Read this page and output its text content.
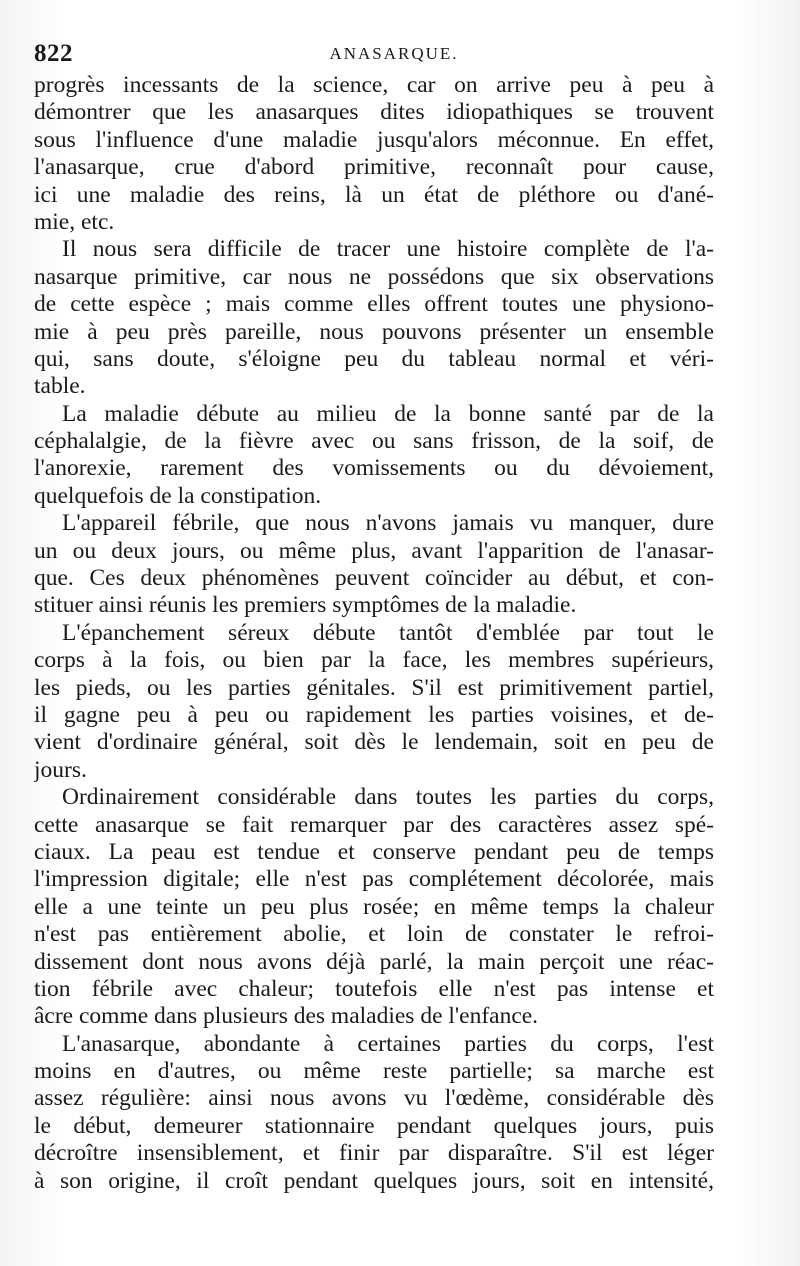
822	ANASARQUE.
progrès incessants de la science, car on arrive peu à peu à
démontrer que les anasarques dites idiopathiques se trouvent
sous l'influence d'une maladie jusqu'alors méconnue. En effet,
l'anasarque, crue d'abord primitive, reconnaît pour cause,
ici une maladie des reins, là un état de pléthore ou d'ané-
mie, etc.
Il nous sera difficile de tracer une histoire complète de l'a-
nasarque primitive, car nous ne possédons que six observations
de cette espèce ; mais comme elles offrent toutes une physiono-
mie à peu près pareille, nous pouvons présenter un ensemble
qui, sans doute, s'éloigne peu du tableau normal et véri-
table.
La maladie débute au milieu de la bonne santé par de la
céphalalgie, de la fièvre avec ou sans frisson, de la soif, de
l'anorexie, rarement des vomissements ou du dévoiement,
quelquefois de la constipation.
L'appareil fébrile, que nous n'avons jamais vu manquer, dure
un ou deux jours, ou même plus, avant l'apparition de l'anasar-
que. Ces deux phénomènes peuvent coïncider au début, et con-
stituer ainsi réunis les premiers symptômes de la maladie.
L'épanchement séreux débute tantôt d'emblée par tout le
corps à la fois, ou bien par la face, les membres supérieurs,
les pieds, ou les parties génitales. S'il est primitivement partiel,
il gagne peu à peu ou rapidement les parties voisines, et de-
vient d'ordinaire général, soit dès le lendemain, soit en peu de
jours.
Ordinairement considérable dans toutes les parties du corps,
cette anasarque se fait remarquer par des caractères assez spé-
ciaux. La peau est tendue et conserve pendant peu de temps
l'impression digitale; elle n'est pas complétement décolorée, mais
elle a une teinte un peu plus rosée; en même temps la chaleur
n'est pas entièrement abolie, et loin de constater le refroi-
dissement dont nous avons déjà parlé, la main perçoit une réac-
tion fébrile avec chaleur; toutefois elle n'est pas intense et
âcre comme dans plusieurs des maladies de l'enfance.
L'anasarque, abondante à certaines parties du corps, l'est
moins en d'autres, ou même reste partielle; sa marche est
assez régulière: ainsi nous avons vu l'œdème, considérable dès
le début, demeurer stationnaire pendant quelques jours, puis
décroître insensiblement, et finir par disparaître. S'il est léger
à son origine, il croît pendant quelques jours, soit en intensité,
